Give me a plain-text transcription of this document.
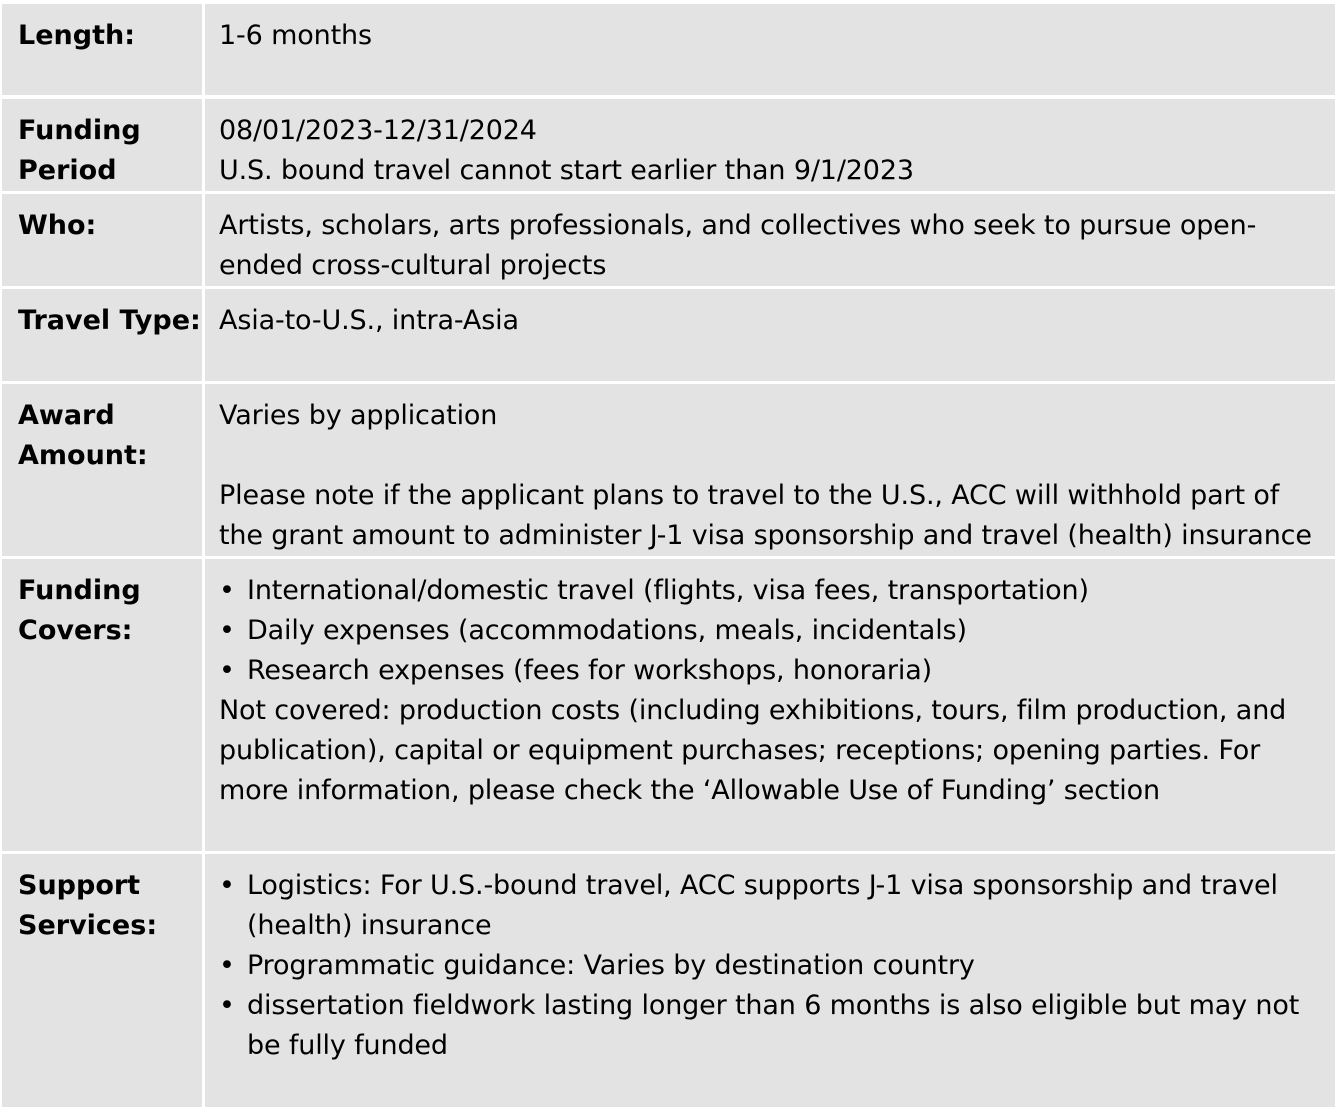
Length:	1-6 months
Funding
Period
08/01/2023-12/31/2024
U.S. bound travel cannot start earlier than 9/1/2023
Who:	Artists, scholars, arts professionals, and collectives who seek to pursue open-
ended cross-cultural projects
Travel Type: Asia-to-U.S., intra-Asia
Award
Amount:
Varies by application
Please note if the applicant plans to travel to the U.S., ACC will withhold part of
the grant amount to administer J-1 visa sponsorship and travel (health) insurance
Funding
Covers:
• International/domestic travel (flights, visa fees, transportation)
• Daily expenses (accommodations, meals, incidentals)
• Research expenses (fees for workshops, honoraria)
Not covered: production costs (including exhibitions, tours, film production, and
publication), capital or equipment purchases; receptions; opening parties. For
more information, please check the ‘Allowable Use of Funding’ section
Support
Services:
• Logistics: For U.S.-bound travel, ACC supports J-1 visa sponsorship and travel
(health) insurance
• Programmatic guidance: Varies by destination country
• dissertation fieldwork lasting longer than 6 months is also eligible but may not
be fully funded
